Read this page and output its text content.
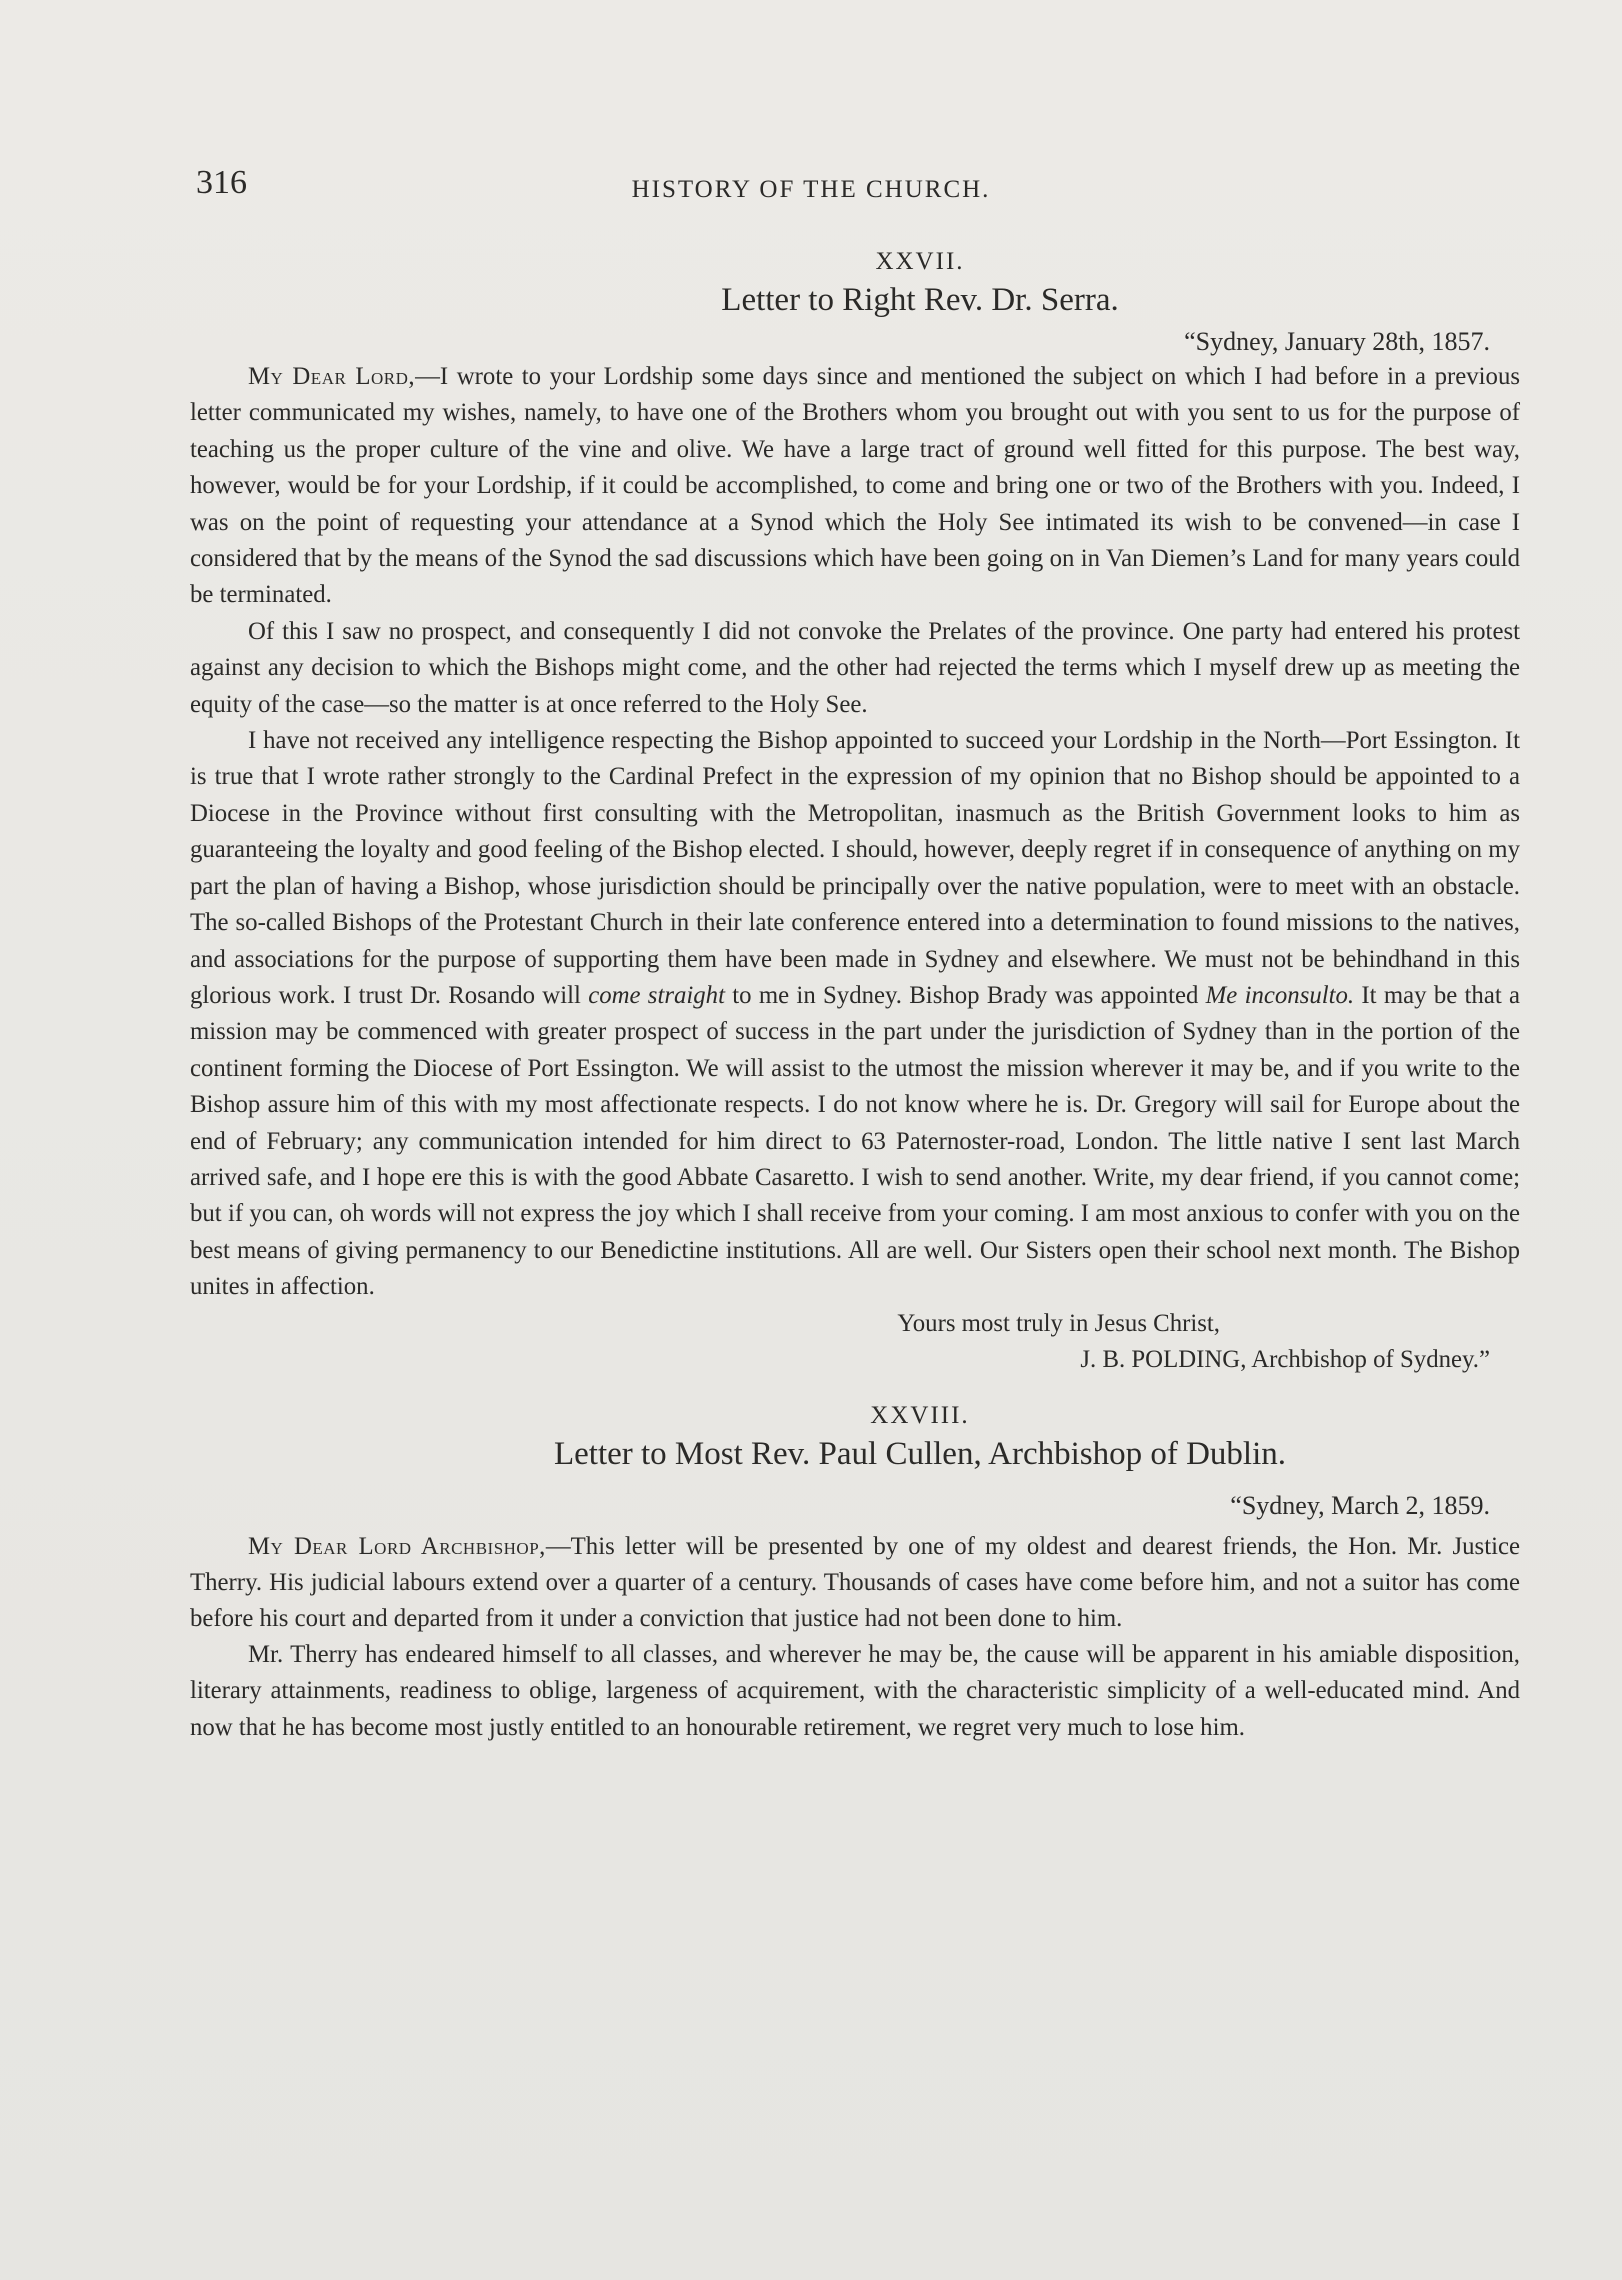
316	HISTORY OF THE CHURCH.
XXVII.
Letter to Right Rev. Dr. Serra.
“Sydney, January 28th, 1857.

My Dear Lord,—I wrote to your Lordship some days since and mentioned the subject on which I had before in a previous letter communicated my wishes, namely, to have one of the Brothers whom you brought out with you sent to us for the purpose of teaching us the proper culture of the vine and olive. We have a large tract of ground well fitted for this purpose. The best way, however, would be for your Lordship, if it could be accomplished, to come and bring one or two of the Brothers with you. Indeed, I was on the point of requesting your attendance at a Synod which the Holy See intimated its wish to be convened—in case I considered that by the means of the Synod the sad discussions which have been going on in Van Diemen’s Land for many years could be terminated.

Of this I saw no prospect, and consequently I did not convoke the Prelates of the province. One party had entered his protest against any decision to which the Bishops might come, and the other had rejected the terms which I myself drew up as meeting the equity of the case—so the matter is at once referred to the Holy See.

I have not received any intelligence respecting the Bishop appointed to succeed your Lordship in the North—Port Essington. It is true that I wrote rather strongly to the Cardinal Prefect in the expression of my opinion that no Bishop should be appointed to a Diocese in the Province without first consulting with the Metropolitan, inasmuch as the British Government looks to him as guaranteeing the loyalty and good feeling of the Bishop elected. I should, however, deeply regret if in consequence of anything on my part the plan of having a Bishop, whose jurisdiction should be principally over the native population, were to meet with an obstacle. The so-called Bishops of the Protestant Church in their late conference entered into a determination to found missions to the natives, and associations for the purpose of supporting them have been made in Sydney and elsewhere. We must not be behindhand in this glorious work. I trust Dr. Rosando will come straight to me in Sydney. Bishop Brady was appointed Me inconsulto. It may be that a mission may be commenced with greater prospect of success in the part under the jurisdiction of Sydney than in the portion of the continent forming the Diocese of Port Essington. We will assist to the utmost the mission wherever it may be, and if you write to the Bishop assure him of this with my most affectionate respects. I do not know where he is. Dr. Gregory will sail for Europe about the end of February; any communication intended for him direct to 63 Paternoster-road, London. The little native I sent last March arrived safe, and I hope ere this is with the good Abbate Casaretto. I wish to send another. Write, my dear friend, if you cannot come; but if you can, oh words will not express the joy which I shall receive from your coming. I am most anxious to confer with you on the best means of giving permanency to our Benedictine institutions. All are well. Our Sisters open their school next month. The Bishop unites in affection.

Yours most truly in Jesus Christ,

J. B. POLDING, Archbishop of Sydney.”

XXVIII.
Letter to Most Rev. Paul Cullen, Archbishop of Dublin.
“Sydney, March 2, 1859.

My Dear Lord Archbishop,—This letter will be presented by one of my oldest and dearest friends, the Hon. Mr. Justice Therry. His judicial labours extend over a quarter of a century. Thousands of cases have come before him, and not a suitor has come before his court and departed from it under a conviction that justice had not been done to him.

Mr. Therry has endeared himself to all classes, and wherever he may be, the cause will be apparent in his amiable disposition, literary attainments, readiness to oblige, largeness of acquirement, with the characteristic simplicity of a well-educated mind. And now that he has become most justly entitled to an honourable retirement, we regret very much to lose him.
